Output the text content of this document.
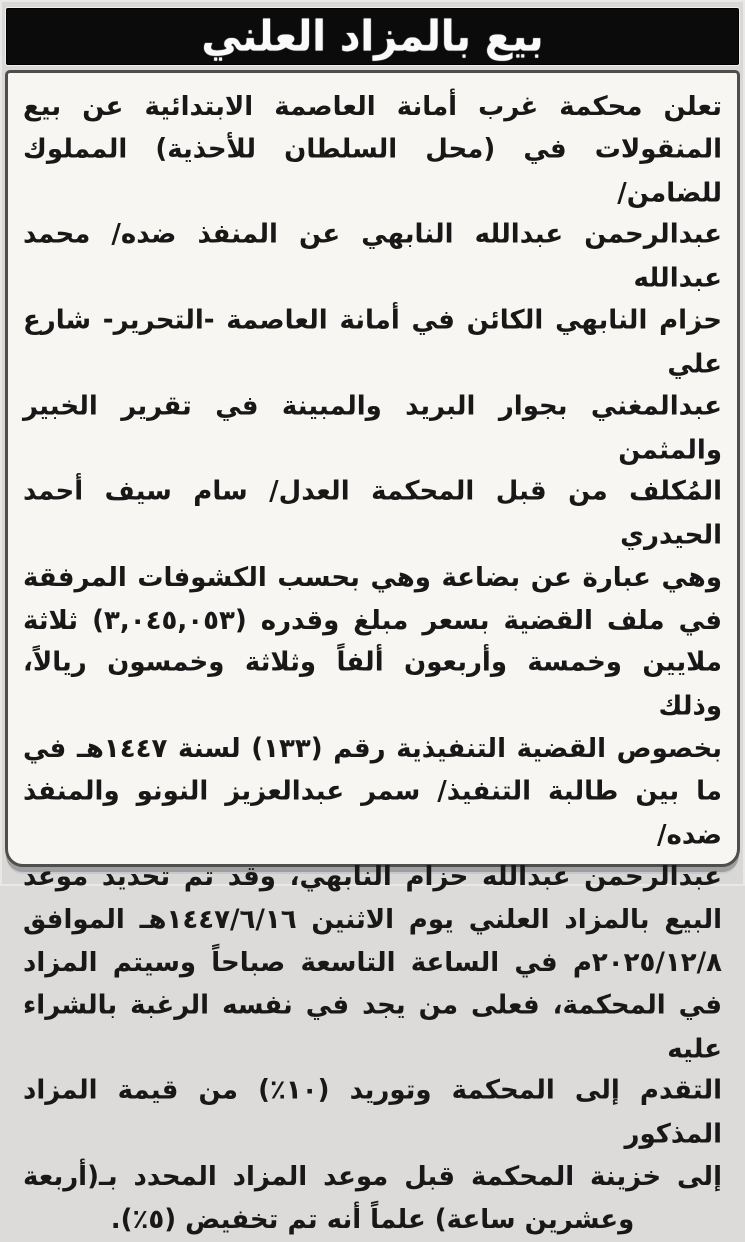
بيع بالمزاد العلني
تعلن محكمة غرب أمانة العاصمة الابتدائية عن بيع
المنقولات في (محل السلطان للأحذية) المملوك للضامن/
عبدالرحمن عبدالله النابهي عن المنفذ ضده/ محمد عبدالله
حزام النابهي الكائن في أمانة العاصمة -التحرير- شارع علي
عبدالمغني بجوار البريد والمبينة في تقرير الخبير والمثمن
المُكلف من قبل المحكمة العدل/ سام سيف أحمد الحيدري
وهي عبارة عن بضاعة وهي بحسب الكشوفات المرفقة
في ملف القضية بسعر مبلغ وقدره (٣,٠٤٥,٠٥٣) ثلاثة
ملايين وخمسة وأربعون ألفاً وثلاثة وخمسون ريالاً، وذلك
بخصوص القضية التنفيذية رقم (١٣٣) لسنة ١٤٤٧هـ في
ما بين طالبة التنفيذ/ سمر عبدالعزيز النونو والمنفذ ضده/
عبدالرحمن عبدالله حزام النابهي، وقد تم تحديد موعد
البيع بالمزاد العلني يوم الاثنين ١٤٤٧/٦/١٦هـ الموافق
٢٠٢٥/١٢/٨م في الساعة التاسعة صباحاً وسيتم المزاد
في المحكمة، فعلى من يجد في نفسه الرغبة بالشراء عليه
التقدم إلى المحكمة وتوريد (١٠٪) من قيمة المزاد المذكور
إلى خزينة المحكمة قبل موعد المزاد المحدد بـ(أربعة
وعشرين ساعة) علماً أنه تم تخفيض (٥٪).
